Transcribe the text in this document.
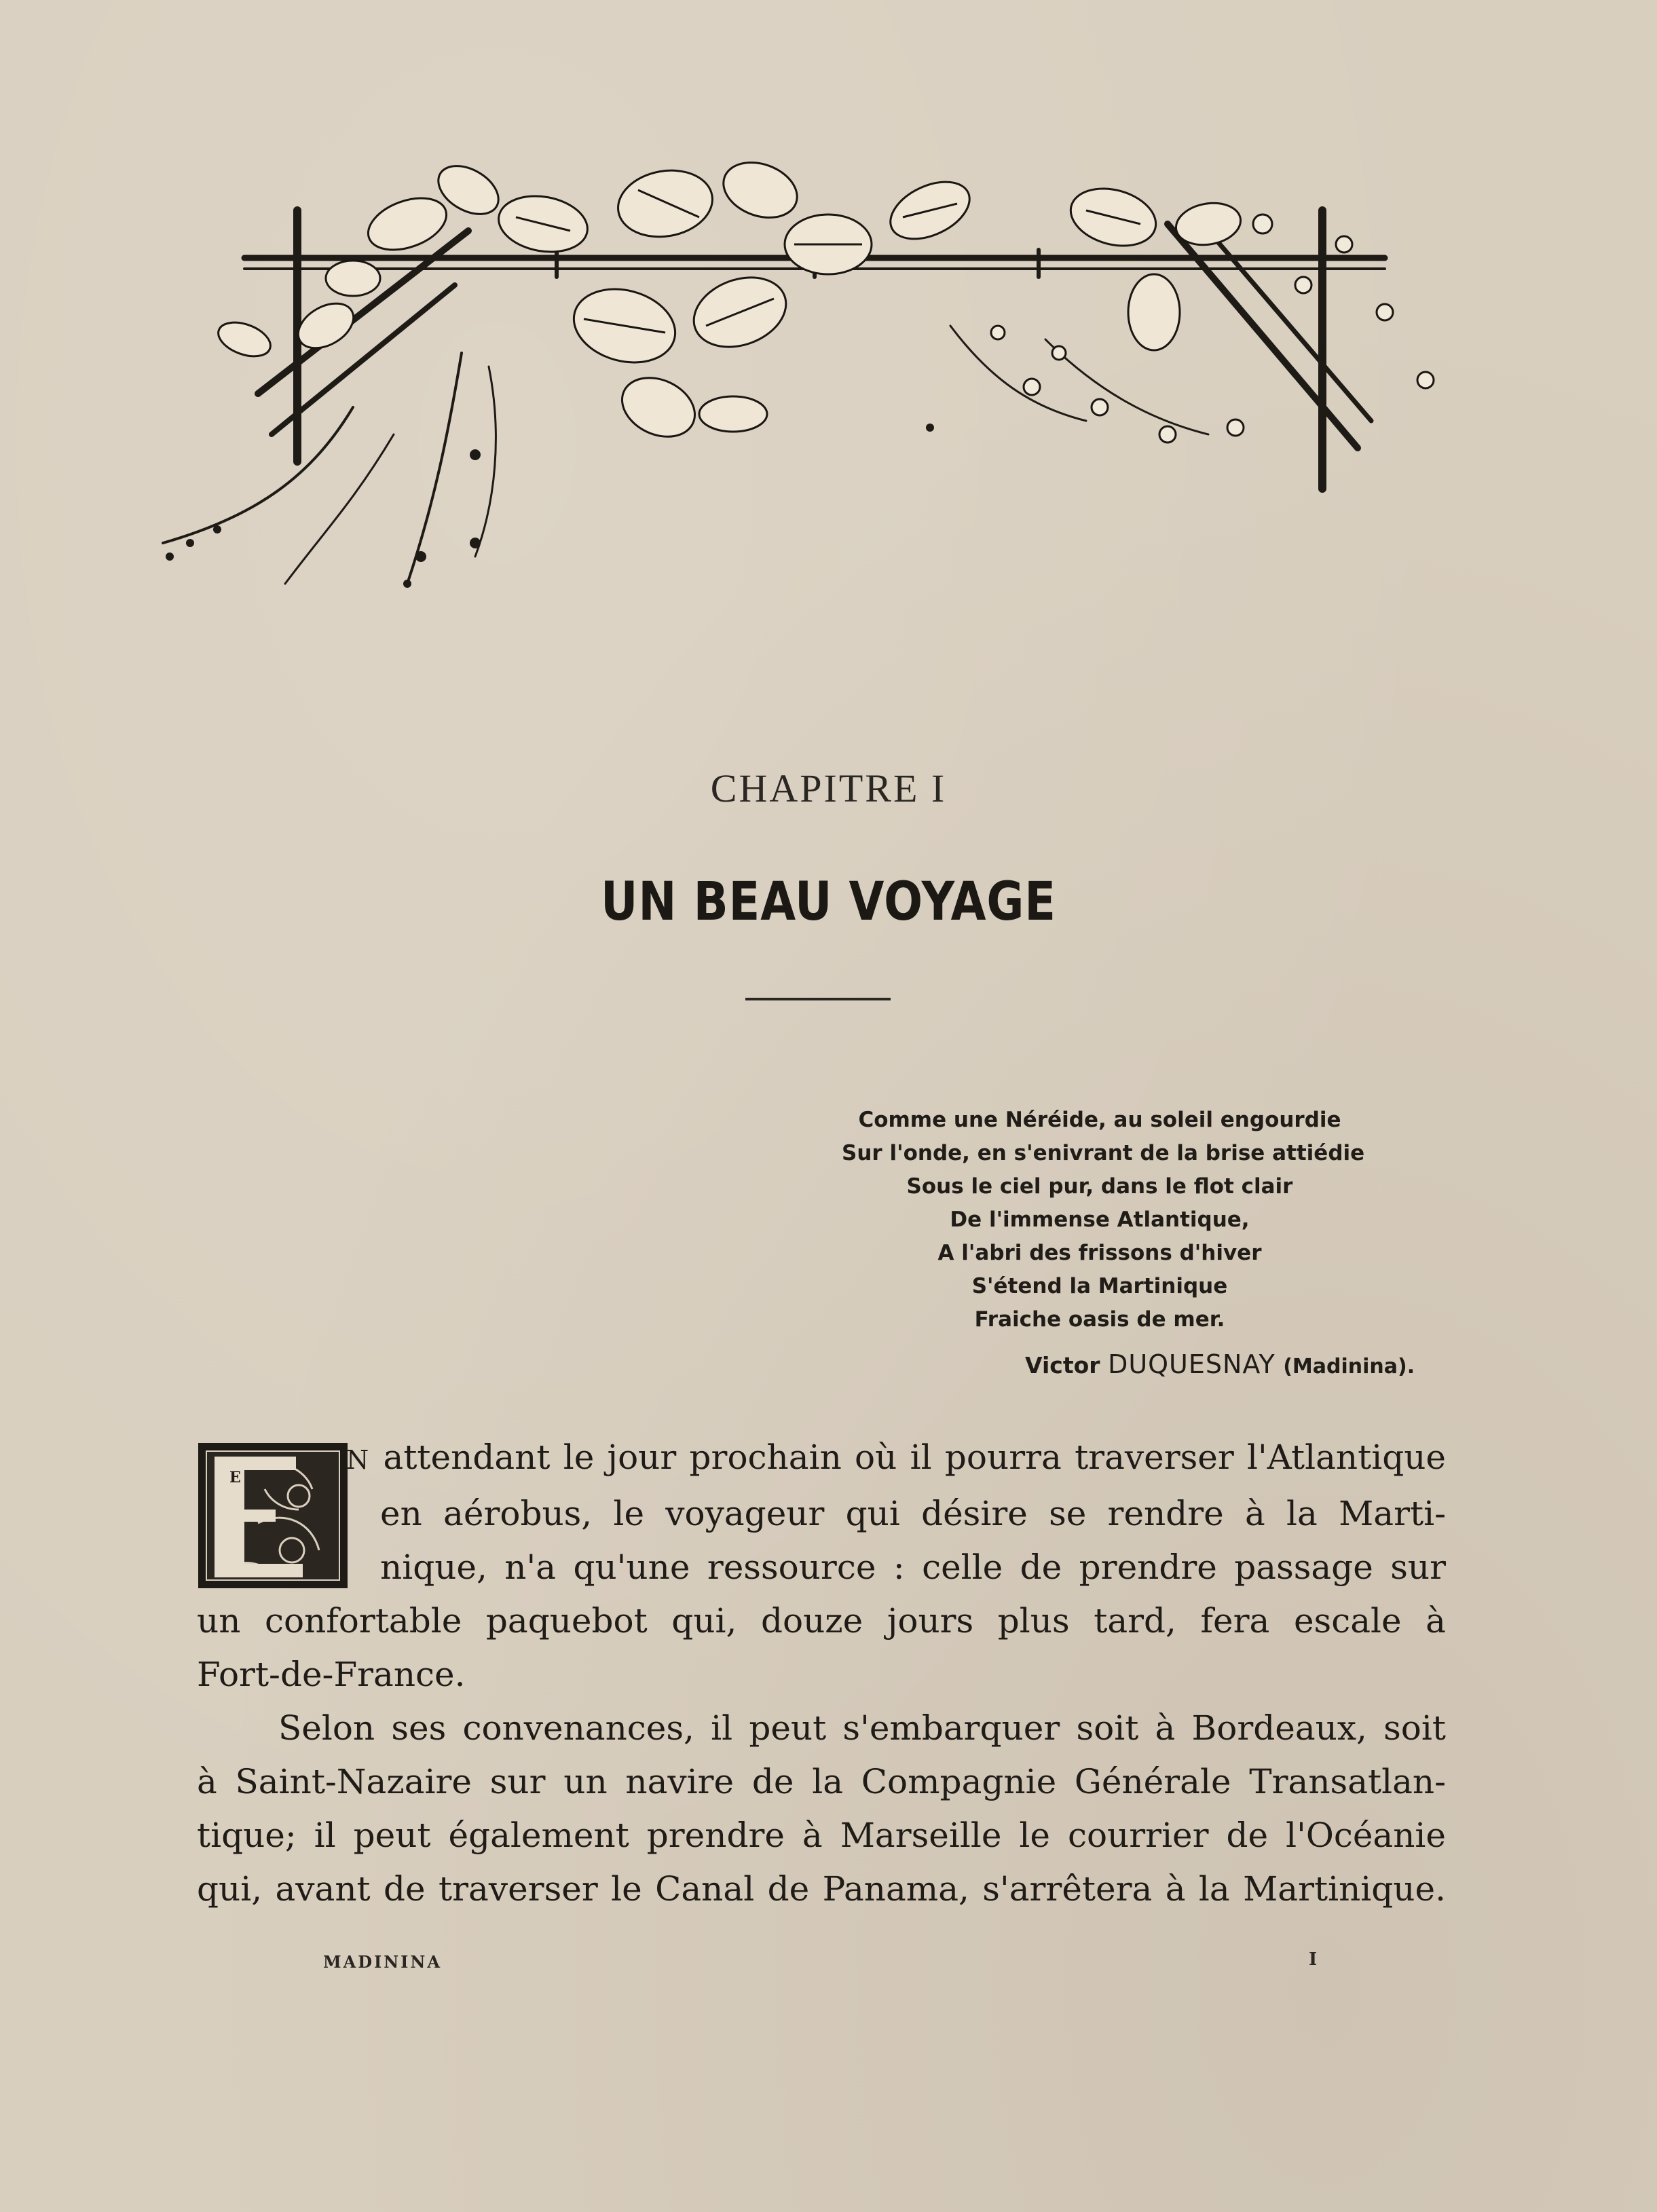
CHAPITRE I
UN BEAU VOYAGE
Comme une Néréide, au soleil engourdie
Sur l'onde, en s'enivrant de la brise attiédie
Sous le ciel pur, dans le flot clair
De l'immense Atlantique,
A l'abri des frissons d'hiver
S'étend la Martinique
Fraiche oasis de mer.
Victor DUQUESNAY (Madinina).
E
N attendant le jour prochain où il pourra traverser l'Atlantique
en aérobus, le voyageur qui désire se rendre à la Marti-
nique, n'a qu'une ressource : celle de prendre passage sur
un confortable paquebot qui, douze jours plus tard, fera escale à
Fort-de-France.
Selon ses convenances, il peut s'embarquer soit à Bordeaux, soit
à Saint-Nazaire sur un navire de la Compagnie Générale Transatlan-
tique; il peut également prendre à Marseille le courrier de l'Océanie
qui, avant de traverser le Canal de Panama, s'arrêtera à la Martinique.
MADININA	I
